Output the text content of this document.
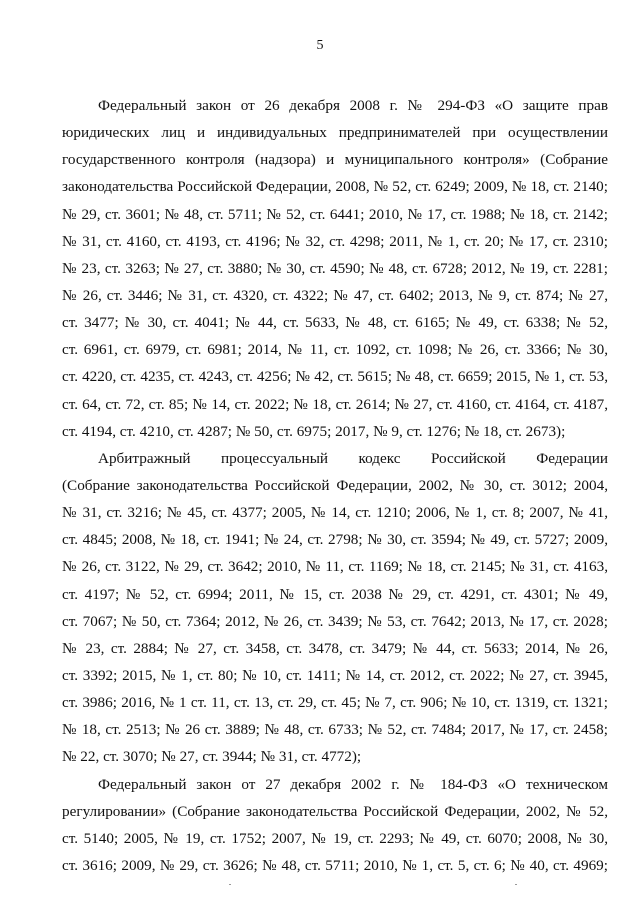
5

Федеральный закон от 26 декабря 2008 г. № 294-ФЗ «О защите прав
юридических лиц и индивидуальных предпринимателей при осуществлении
государственного контроля (надзора) и муниципального контроля» (Собрание
законодательства Российской Федерации, 2008, № 52, ст. 6249; 2009, № 18, ст. 2140;
№ 29, ст. 3601; № 48, ст. 5711; № 52, ст. 6441; 2010, № 17, ст. 1988; № 18, ст. 2142;
№ 31, ст. 4160, ст. 4193, ст. 4196; № 32, ст. 4298; 2011, № 1, ст. 20; № 17, ст. 2310;
№ 23, ст. 3263; № 27, ст. 3880; № 30, ст. 4590; № 48, ст. 6728; 2012, № 19, ст. 2281;
№ 26, ст. 3446; № 31, ст. 4320, ст. 4322; № 47, ст. 6402; 2013, № 9, ст. 874; № 27,
ст. 3477; № 30, ст. 4041; № 44, ст. 5633, № 48, ст. 6165; № 49, ст. 6338; № 52,
ст. 6961, ст. 6979, ст. 6981; 2014, № 11, ст. 1092, ст. 1098; № 26, ст. 3366; № 30,
ст. 4220, ст. 4235, ст. 4243, ст. 4256; № 42, ст. 5615; № 48, ст. 6659; 2015, № 1, ст. 53,
ст. 64, ст. 72, ст. 85; № 14, ст. 2022; № 18, ст. 2614; № 27, ст. 4160, ст. 4164, ст. 4187,
ст. 4194, ст. 4210, ст. 4287; № 50, ст. 6975; 2017, № 9, ст. 1276; № 18, ст. 2673);

Арбитражный процессуальный кодекс Российской Федерации
(Собрание законодательства Российской Федерации, 2002, № 30, ст. 3012; 2004,
№ 31, ст. 3216; № 45, ст. 4377; 2005, № 14, ст. 1210; 2006, № 1, ст. 8; 2007, № 41,
ст. 4845; 2008, № 18, ст. 1941; № 24, ст. 2798; № 30, ст. 3594; № 49, ст. 5727; 2009,
№ 26, ст. 3122, № 29, ст. 3642; 2010, № 11, ст. 1169; № 18, ст. 2145; № 31, ст. 4163,
ст. 4197; № 52, ст. 6994; 2011, № 15, ст. 2038 № 29, ст. 4291, ст. 4301; № 49,
ст. 7067; № 50, ст. 7364; 2012, № 26, ст. 3439; № 53, ст. 7642; 2013, № 17, ст. 2028;
№ 23, ст. 2884; № 27, ст. 3458, ст. 3478, ст. 3479; № 44, ст. 5633; 2014, № 26,
ст. 3392; 2015, № 1, ст. 80; № 10, ст. 1411; № 14, ст. 2012, ст. 2022; № 27, ст. 3945,
ст. 3986; 2016, № 1 ст. 11, ст. 13, ст. 29, ст. 45; № 7, ст. 906; № 10, ст. 1319, ст. 1321;
№ 18, ст. 2513; № 26 ст. 3889; № 48, ст. 6733; № 52, ст. 7484; 2017, № 17, ст. 2458;
№ 22, ст. 3070; № 27, ст. 3944; № 31, ст. 4772);

Федеральный закон от 27 декабря 2002 г. № 184-ФЗ «О техническом
регулировании» (Собрание законодательства Российской Федерации, 2002, № 52,
ст. 5140; 2005, № 19, ст. 1752; 2007, № 19, ст. 2293; № 49, ст. 6070; 2008, № 30,
ст. 3616; 2009, № 29, ст. 3626; № 48, ст. 5711; 2010, № 1, ст. 5, ст. 6; № 40, ст. 4969;
